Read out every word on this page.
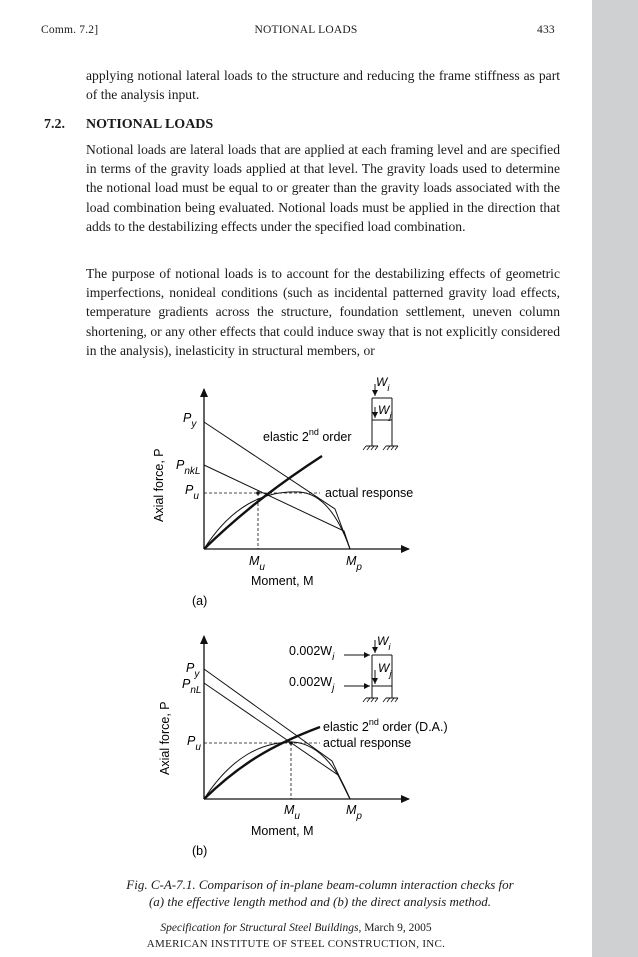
Comm. 7.2]	NOTIONAL LOADS	433
applying notional lateral loads to the structure and reducing the frame stiffness as part of the analysis input.
7.2. NOTIONAL LOADS
Notional loads are lateral loads that are applied at each framing level and are specified in terms of the gravity loads applied at that level. The gravity loads used to determine the notional load must be equal to or greater than the gravity loads associated with the load combination being evaluated. Notional loads must be applied in the direction that adds to the destabilizing effects under the specified load combination.
The purpose of notional loads is to account for the destabilizing effects of geometric imperfections, nonideal conditions (such as incidental patterned gravity load effects, temperature gradients across the structure, foundation settlement, uneven column shortening, or any other effects that could induce sway that is not explicitly considered in the analysis), inelasticity in structural members, or
Axial force, P
Moment, M
(a)
$P_y$
$P_{nkL}$
$P_u$
$M_u$	$M_p$
elastic 2nd order
actual response
$W_i$
$W_j$
Axial force, P
Moment, M
(b)
$P_y$
$P_{nL}$
$P_u$
$M_u$	$M_p$
elastic 2nd order (D.A.)
actual response
$0.002W_i$
$0.002W_j$
$W_i$
$W_j$
Fig. C-A-7.1. Comparison of in-plane beam-column interaction checks for
(a) the effective length method and (b) the direct analysis method.
Specification for Structural Steel Buildings, March 9, 2005
AMERICAN INSTITUTE OF STEEL CONSTRUCTION, INC.
